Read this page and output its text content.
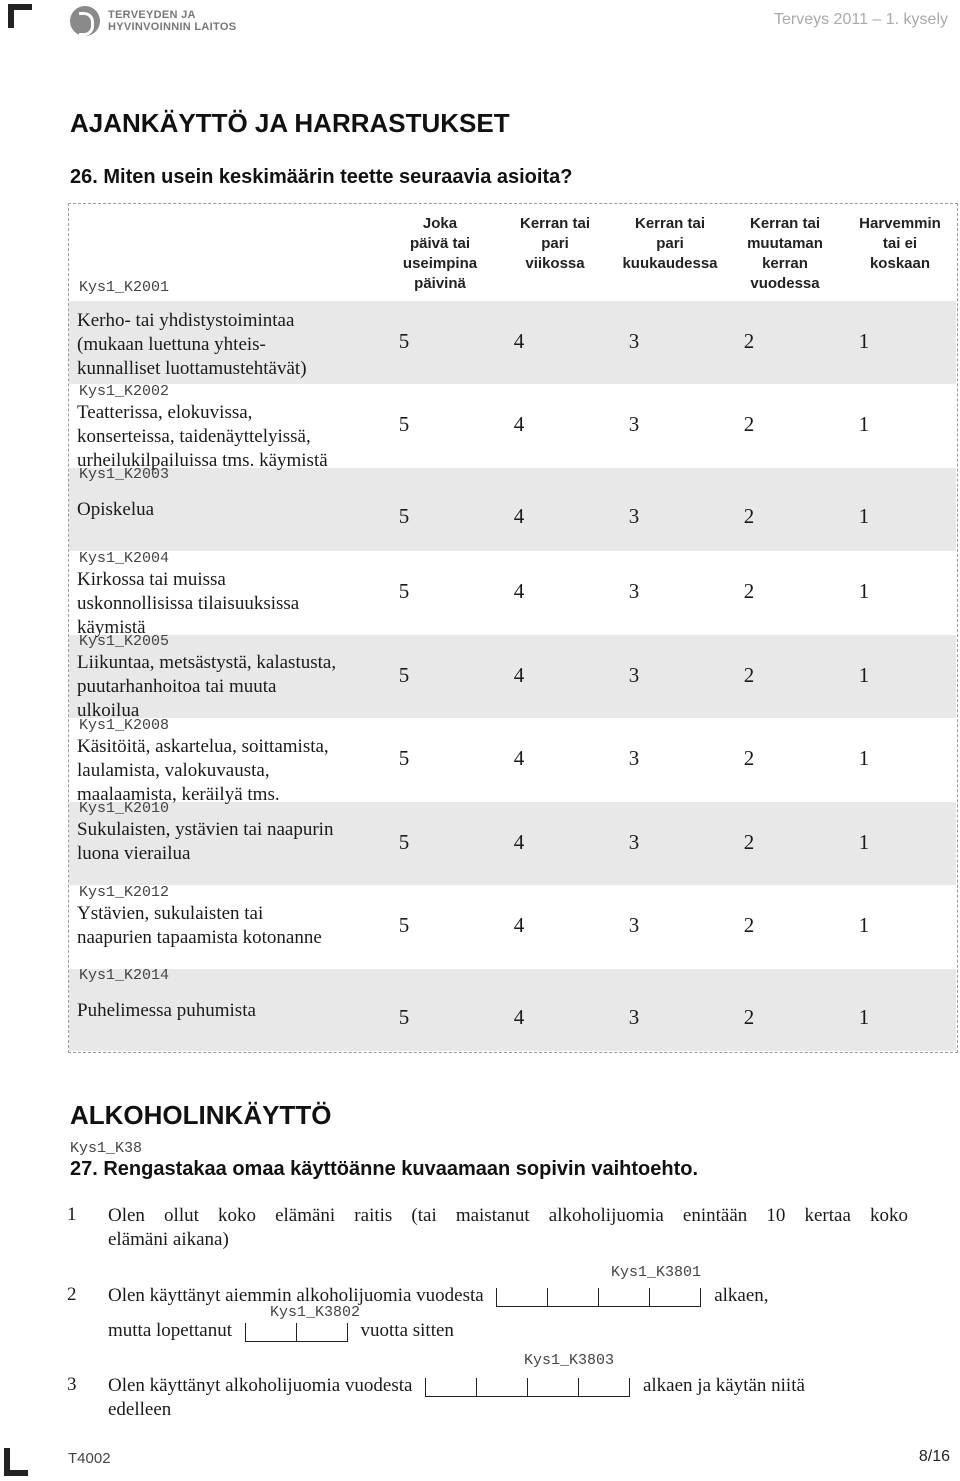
TERVEYDEN JA
HYVINVOINNIN LAITOS	Terveys 2011 – 1. kysely
AJANKÄYTTÖ JA HARRASTUKSET
26. Miten usein keskimäärin teette seuraavia asioita?
Kys1_K2001
Joka
päivä tai
useimpina
päivinä
Kerran tai
pari
viikossa
Kerran tai
pari
kuukaudessa
Kerran tai
muutaman
kerran
vuodessa
Harvemmin
tai ei
koskaan
Kerho- tai yhdistystoimintaa
(mukaan luettuna yhteis-
kunnalliset luottamustehtävät)
5	4	3	2	1
Kys1_K2002
Teatterissa, elokuvissa,
konserteissa, taidenäyttelyissä,
urheilukilpailuissa tms. käymistä
5	4	3	2	1
Kys1_K2003
Opiskelua	5	4	3	2	1
Kys1_K2004
Kirkossa tai muissa
uskonnollisissa tilaisuuksissa
käymistä
5	4	3	2	1
Kys1_K2005
Liikuntaa, metsästystä, kalastusta,
puutarhanhoitoa tai muuta
ulkoilua
5	4	3	2	1
Kys1_K2008
Käsitöitä, askartelua, soittamista,
laulamista, valokuvausta,
maalaamista, keräilyä tms.
5	4	3	2	1
Kys1_K2010
Sukulaisten, ystävien tai naapurin
luona vierailua	5	4	3	2	1
Kys1_K2012
Ystävien, sukulaisten tai
naapurien tapaamista kotonanne	5	4	3	2	1
Kys1_K2014
Puhelimessa puhumista	5	4	3	2	1
ALKOHOLINKÄYTTÖ
Kys1_K38
27. Rengastakaa omaa käyttöännе kuvaamaan sopivin vaihtoehto.
1 Olen ollut koko elämäni raitis (tai maistanut alkoholijuomia enintään 10 kertaa koko
elämäni aikana)
Kys1_K3801
2 Olen käyttänyt aiemmin alkoholijuomia vuodesta	alkaen,
Kys1_K3802
mutta lopettanut	vuotta sitten
Kys1_K3803
3 Olen käyttänyt alkoholijuomia vuodesta	alkaen ja käytän niitä
edelleen
T4002	8/16
